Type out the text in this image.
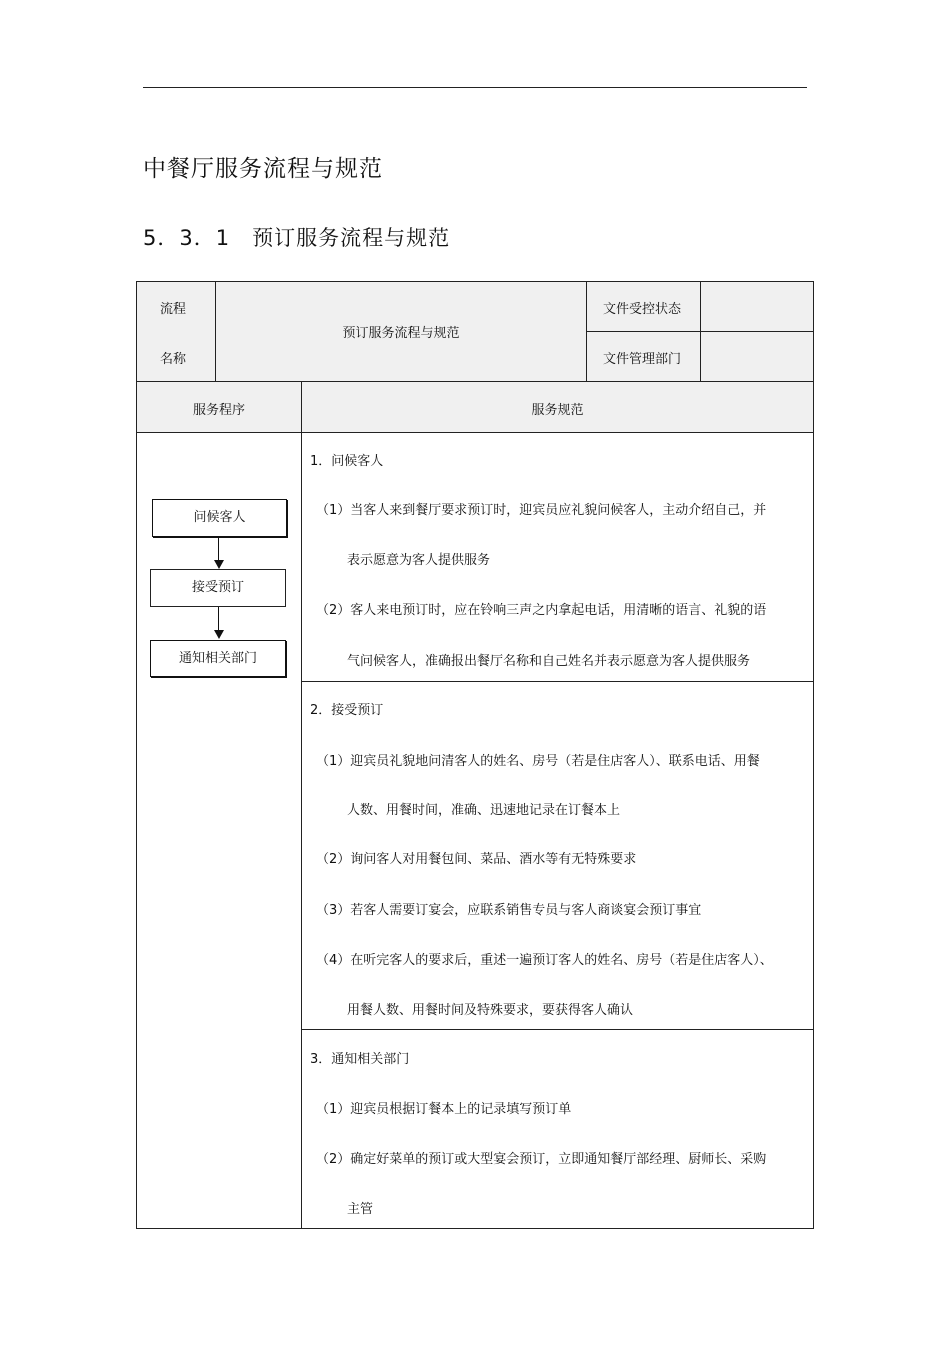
中餐厅服务流程与规范
5．3．1 预订服务流程与规范
流程
名称
预订服务流程与规范
文件受控状态
文件管理部门
服务程序	服务规范
问候客人
接受预订
通知相关部门
1．问候客人
（1）当客人来到餐厅要求预订时，迎宾员应礼貌问候客人，主动介绍自己，并
表示愿意为客人提供服务
（2）客人来电预订时，应在铃响三声之内拿起电话，用清晰的语言、礼貌的语
气问候客人，准确报出餐厅名称和自己姓名并表示愿意为客人提供服务
2．接受预订
（1）迎宾员礼貌地问清客人的姓名、房号（若是住店客人）、联系电话、用餐
人数、用餐时间，准确、迅速地记录在订餐本上
（2）询问客人对用餐包间、菜品、酒水等有无特殊要求
（3）若客人需要订宴会，应联系销售专员与客人商谈宴会预订事宜
（4）在听完客人的要求后，重述一遍预订客人的姓名、房号（若是住店客人）、
用餐人数、用餐时间及特殊要求，要获得客人确认
3．通知相关部门
（1）迎宾员根据订餐本上的记录填写预订单
（2）确定好菜单的预订或大型宴会预订，立即通知餐厅部经理、厨师长、采购
主管
